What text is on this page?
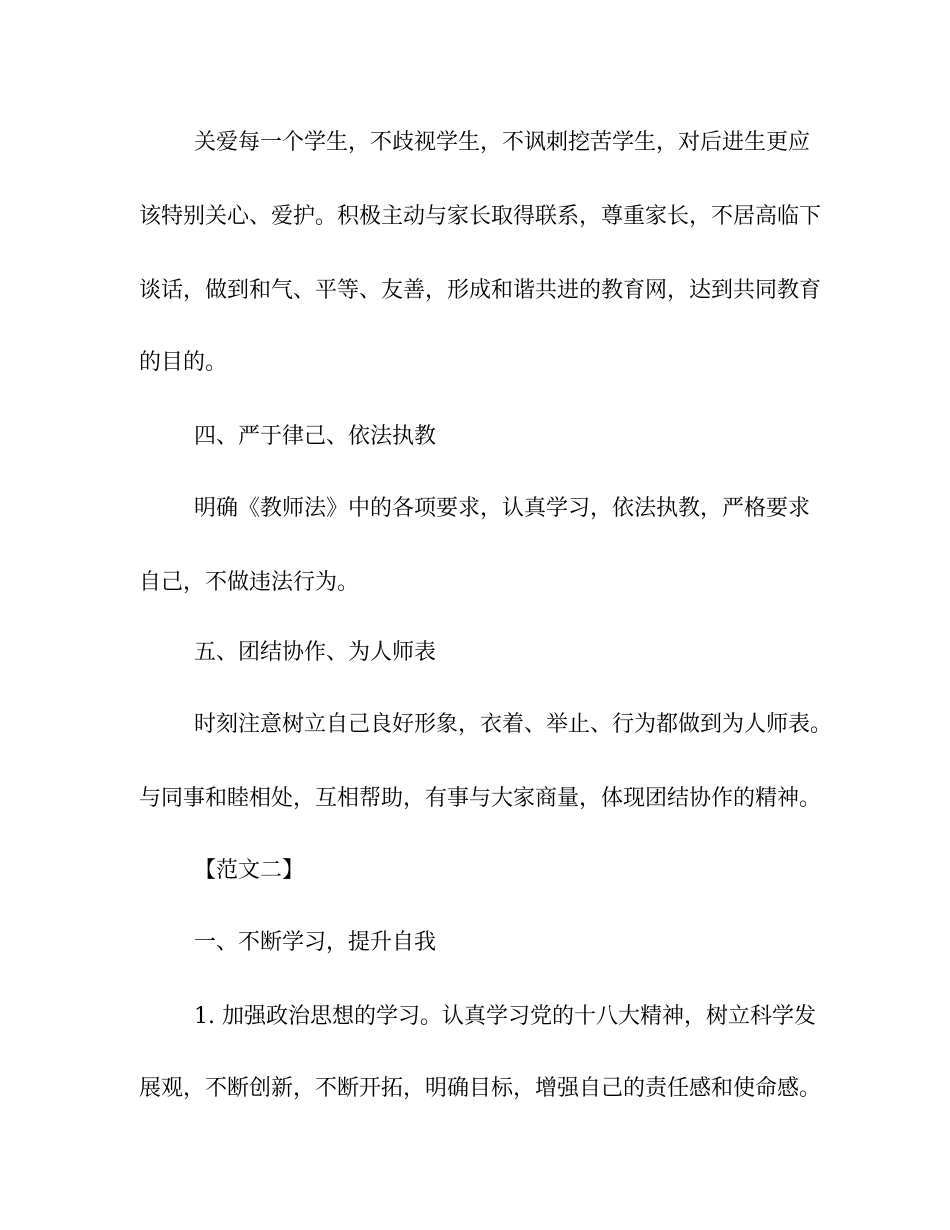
关爱每一个学生，不歧视学生，不讽刺挖苦学生，对后进生更应
该特别关心、爱护。积极主动与家长取得联系，尊重家长，不居高临下
谈话，做到和气、平等、友善，形成和谐共进的教育网，达到共同教育
的目的。
四、严于律己、依法执教
明确《教师法》中的各项要求，认真学习，依法执教，严格要求
自己，不做违法行为。
五、团结协作、为人师表
时刻注意树立自己良好形象，衣着、举止、行为都做到为人师表。
与同事和睦相处，互相帮助，有事与大家商量，体现团结协作的精神。
【范文二】
一、不断学习，提升自我
1. 加强政治思想的学习。认真学习党的十八大精神，树立科学发
展观，不断创新，不断开拓，明确目标，增强自己的责任感和使命感。
